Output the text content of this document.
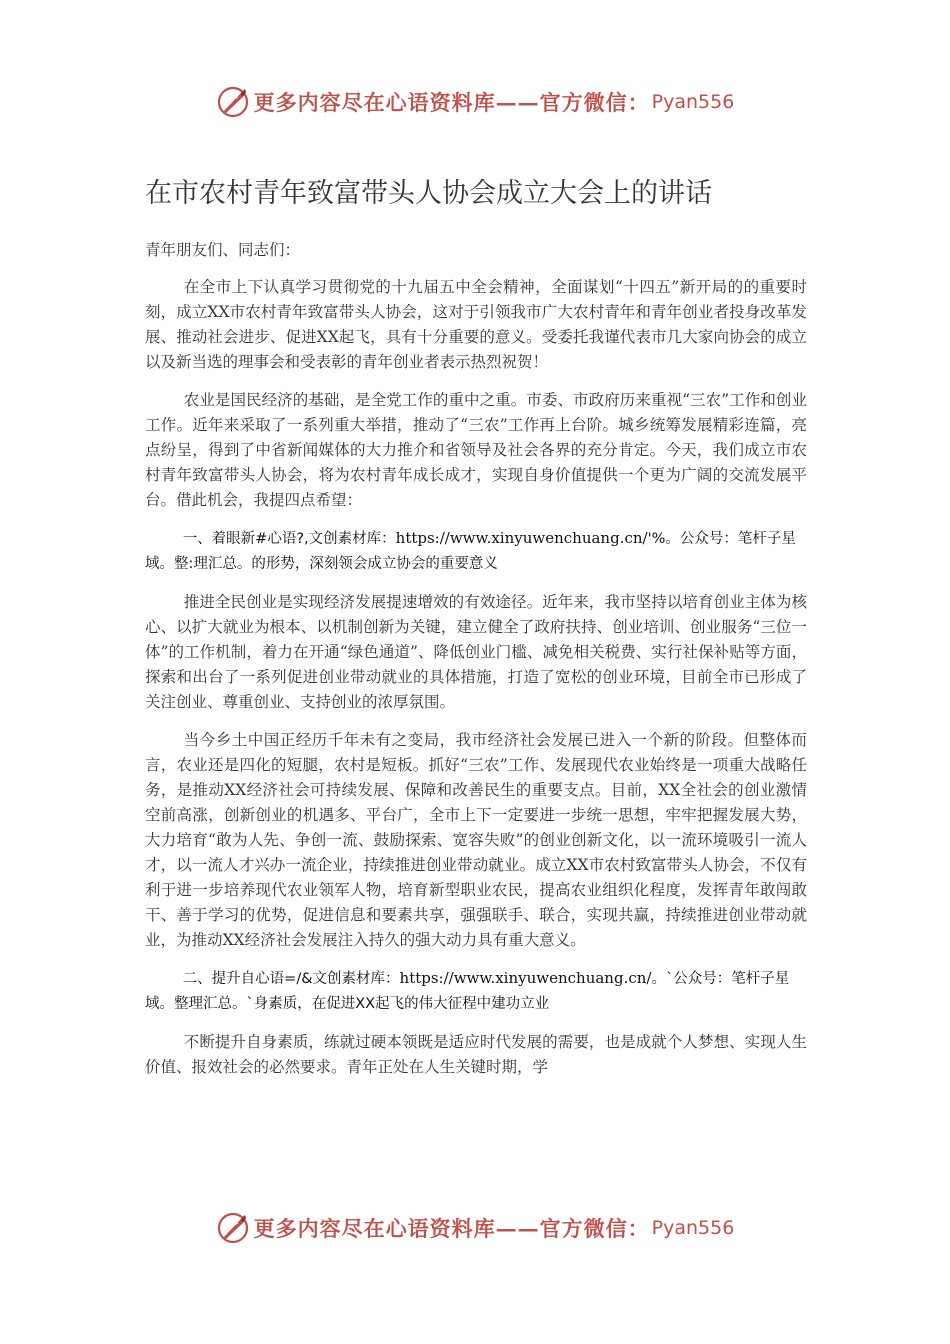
更多内容尽在心语资料库——官方微信： Pyan556
在市农村青年致富带头人协会成立大会上的讲话

青年朋友们、同志们：

在全市上下认真学习贯彻党的十九届五中全会精神，全面谋划“十四五”新开局的的重要时刻，成立XX市农村青年致富带头人协会，这对于引领我市广大农村青年和青年创业者投身改革发展、推动社会进步、促进XX起飞，具有十分重要的意义。受委托我谨代表市几大家向协会的成立以及新当选的理事会和受表彰的青年创业者表示热烈祝贺！

农业是国民经济的基础，是全党工作的重中之重。市委、市政府历来重视“三农”工作和创业工作。近年来采取了一系列重大举措，推动了“三农”工作再上台阶。城乡统筹发展精彩连篇，亮点纷呈，得到了中省新闻媒体的大力推介和省领导及社会各界的充分肯定。今天，我们成立市农村青年致富带头人协会，将为农村青年成长成才，实现自身价值提供一个更为广阔的交流发展平台。借此机会，我提四点希望：

一、着眼新#心语?,文创素材库：https://www.xinyuwenchuang.cn/'%。公众号：笔杆子星域。整:理汇总。的形势，深刻领会成立协会的重要意义

推进全民创业是实现经济发展提速增效的有效途径。近年来，我市坚持以培育创业主体为核心、以扩大就业为根本、以机制创新为关键，建立健全了政府扶持、创业培训、创业服务“三位一体”的工作机制，着力在开通“绿色通道”、降低创业门槛、减免相关税费、实行社保补贴等方面，探索和出台了一系列促进创业带动就业的具体措施，打造了宽松的创业环境，目前全市已形成了关注创业、尊重创业、支持创业的浓厚氛围。

当今乡土中国正经历千年未有之变局，我市经济社会发展已进入一个新的阶段。但整体而言，农业还是四化的短腿，农村是短板。抓好“三农”工作、发展现代农业始终是一项重大战略任务，是推动XX经济社会可持续发展、保障和改善民生的重要支点。目前，XX全社会的创业激情空前高涨，创新创业的机遇多、平台广，全市上下一定要进一步统一思想，牢牢把握发展大势，大力培育“敢为人先、争创一流、鼓励探索、宽容失败”的创业创新文化，以一流环境吸引一流人才，以一流人才兴办一流企业，持续推进创业带动就业。成立XX市农村致富带头人协会，不仅有利于进一步培养现代农业领军人物，培育新型职业农民，提高农业组织化程度，发挥青年敢闯敢干、善于学习的优势，促进信息和要素共享，强强联手、联合，实现共赢，持续推进创业带动就业，为推动XX经济社会发展注入持久的强大动力具有重大意义。

二、提升自心语=/&文创素材库：https://www.xinyuwenchuang.cn/。`公众号：笔杆子星域。整理汇总。`身素质，在促进XX起飞的伟大征程中建功立业

不断提升自身素质，练就过硬本领既是适应时代发展的需要，也是成就个人梦想、实现人生价值、报效社会的必然要求。青年正处在人生关键时期，学

更多内容尽在心语资料库——官方微信： Pyan556
